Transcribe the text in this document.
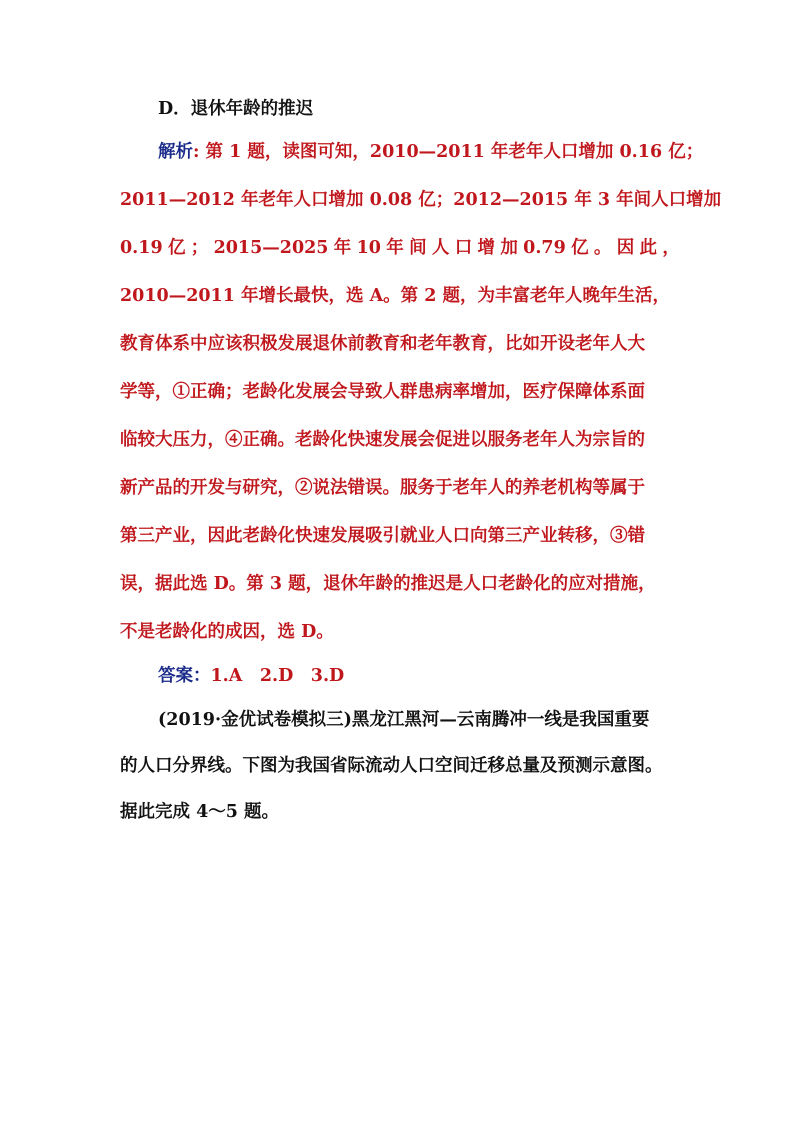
D．退休年龄的推迟
解析: 第 1 题，读图可知，2010—2011 年老年人口增加 0.16 亿；
2011—2012 年老年人口增加 0.08 亿；2012—2015 年 3 年间人口增加
0.19 亿 ； 2015—2025 年 10 年 间 人 口 增 加 0.79 亿 。 因 此 ，
2010—2011 年增长最快，选 A。第 2 题，为丰富老年人晚年生活，
教育体系中应该积极发展退休前教育和老年教育，比如开设老年人大
学等，①正确；老龄化发展会导致人群患病率增加，医疗保障体系面
临较大压力，④正确。老龄化快速发展会促进以服务老年人为宗旨的
新产品的开发与研究，②说法错误。服务于老年人的养老机构等属于
第三产业，因此老龄化快速发展吸引就业人口向第三产业转移，③错
误，据此选 D。第 3 题，退休年龄的推迟是人口老龄化的应对措施，
不是老龄化的成因，选 D。
答案：1.A　2.D　3.D
(2019·金优试卷模拟三)黑龙江黑河—云南腾冲一线是我国重要
的人口分界线。下图为我国省际流动人口空间迁移总量及预测示意图。
据此完成 4～5 题。
